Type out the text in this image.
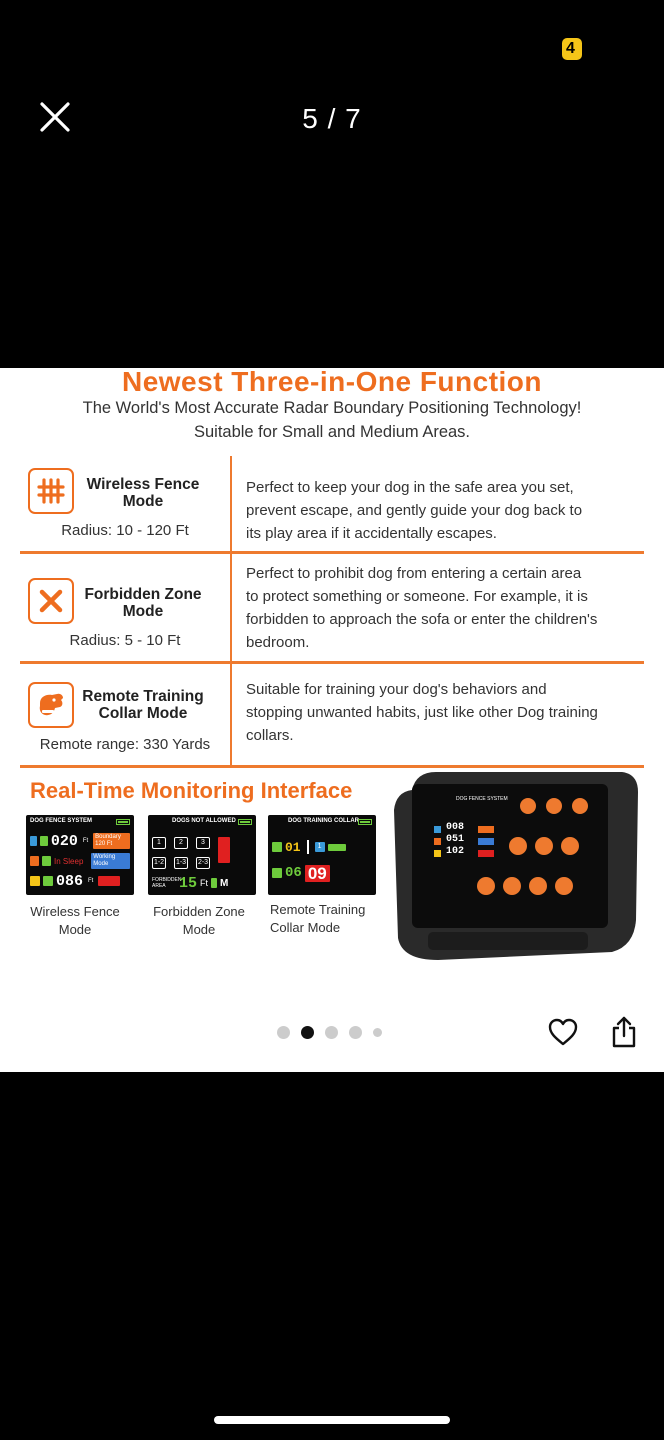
4
5 / 7
Newest Three-in-One Function
The World's Most Accurate Radar Boundary Positioning Technology!
Suitable for Small and Medium Areas.
Wireless Fence
Mode
Radius: 10 - 120 Ft
Perfect to keep your dog in the safe area you set,
prevent escape, and gently guide your dog back to
its play area if it accidentally escapes.
Forbidden Zone
Mode
Radius: 5 - 10 Ft
Perfect to prohibit dog from entering a certain area
to protect something or someone. For example, it is
forbidden to approach the sofa or enter the children's
bedroom.
Remote Training
Collar Mode
Remote range: 330 Yards
Suitable for training your dog's behaviors and
stopping unwanted habits, just like other Dog training
collars.
Real-Time Monitoring Interface
DOG FENCE SYSTEM
020 Ft
Boundary 120 Ft
In Sleep	Working Mode
086 Ft
Wireless Fence
Mode
DOGS NOT ALLOWED
1	2	3
1-2 1-3 2-3
FORBIDDEN AREA 15 Ft M
Forbidden Zone
Mode
DOG TRAINING COLLAR
01	1
06 09
Remote Training
Collar Mode
DOG FENCE SYSTEM
008
051
102
